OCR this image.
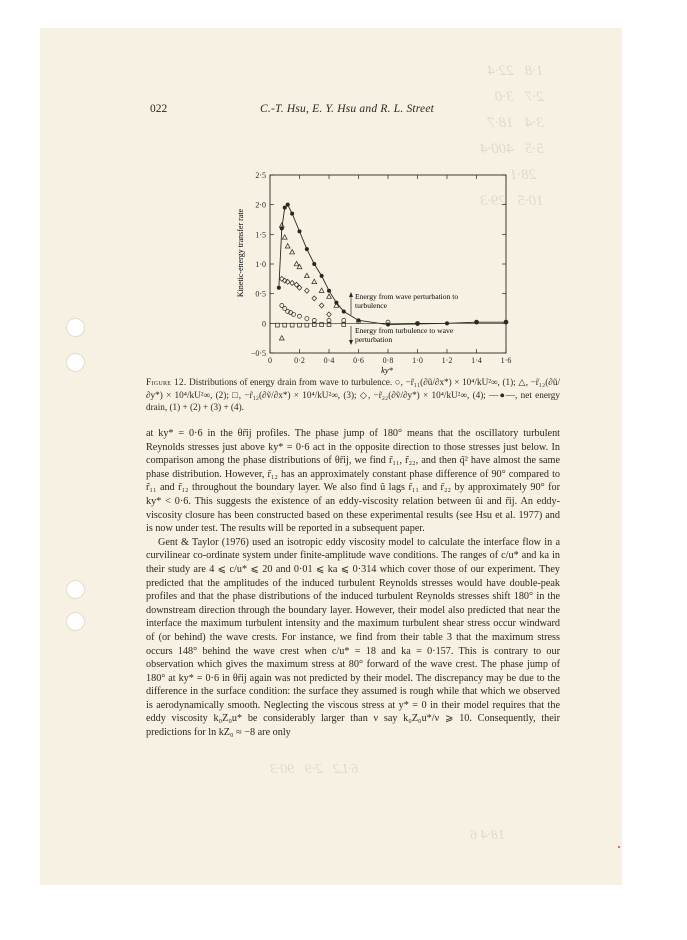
1·8   22·4
2·7   3·0
3·4   18·7
5·5   400·4
28·1
10·5   29·3
6·L2   2·9   90·3
18·4 6
022	C.-T. Hsu, E. Y. Hsu and R. L. Street
0	0·2 0·4 0·6 0·8 1·0 1·2 1·4 1·6
−0·5
0
0·5
1·0
1·5
2·0
2·5
Kinetic-energy transfer rate
ky*
Energy from wave perturbation to
turbulence
Energy from turbulence to wave
perturbation

Figure 12. Distributions of energy drain from wave to turbulence. ○, −r̃₁₁(∂ũ/∂x*) × 10⁴/kU²∞, (1); △, −r̃₁₂(∂ũ/∂y*) × 10⁴/kU²∞, (2); □, −r̃₁₂(∂ṽ/∂x*) × 10⁴/kU²∞, (3); ◇, −r̃₂₂(∂ṽ/∂y*) × 10⁴/kU²∞, (4); —●—, net energy drain, (1) + (2) + (3) + (4).

at ky* = 0·6 in the θr̃ij profiles. The phase jump of 180° means that the oscillatory turbulent Reynolds stresses just above ky* = 0·6 act in the opposite direction to those stresses just below. In comparison among the phase distributions of θr̃ij, we find r̃₁₁, r̃₂₂, and then q̃² have almost the same phase distribution. However, r̃₁₂ has an approximately constant phase difference of 90° compared to r̃₁₁ and r̃₁₂ throughout the boundary layer. We also find ũ lags r̃₁₁ and r̃₂₂ by approximately 90° for ky* < 0·6. This suggests the existence of an eddy-viscosity relation between ũi and r̃ij. An eddy-viscosity closure has been constructed based on these experimental results (see Hsu et al. 1977) and is now under test. The results will be reported in a subsequent paper.

Gent & Taylor (1976) used an isotropic eddy viscosity model to calculate the interface flow in a curvilinear co-ordinate system under finite-amplitude wave conditions. The ranges of c/u* and ka in their study are 4 ⩽ c/u* ⩽ 20 and 0·01 ⩽ ka ⩽ 0·314 which cover those of our experiment. They predicted that the amplitudes of the induced turbulent Reynolds stresses would have double-peak profiles and that the phase distributions of the induced turbulent Reynolds stresses shift 180° in the downstream direction through the boundary layer. However, their model also predicted that near the interface the maximum turbulent intensity and the maximum turbulent shear stress occur windward of (or behind) the wave crests. For instance, we find from their table 3 that the maximum stress occurs 148° behind the wave crest when c/u* = 18 and ka = 0·157. This is contrary to our observation which gives the maximum stress at 80° forward of the wave crest. The phase jump of 180° at ky* = 0·6 in θr̃ij again was not predicted by their model. The discrepancy may be due to the difference in the surface condition: the surface they assumed is rough while that which we observed is aerodynamically smooth. Neglecting the viscous stress at y* = 0 in their model requires that the eddy viscosity k₀Z₀u* be considerably larger than ν say k₀Z₀u*/ν ⩾ 10. Consequently, their predictions for ln kZ₀ ≈ −8 are only
